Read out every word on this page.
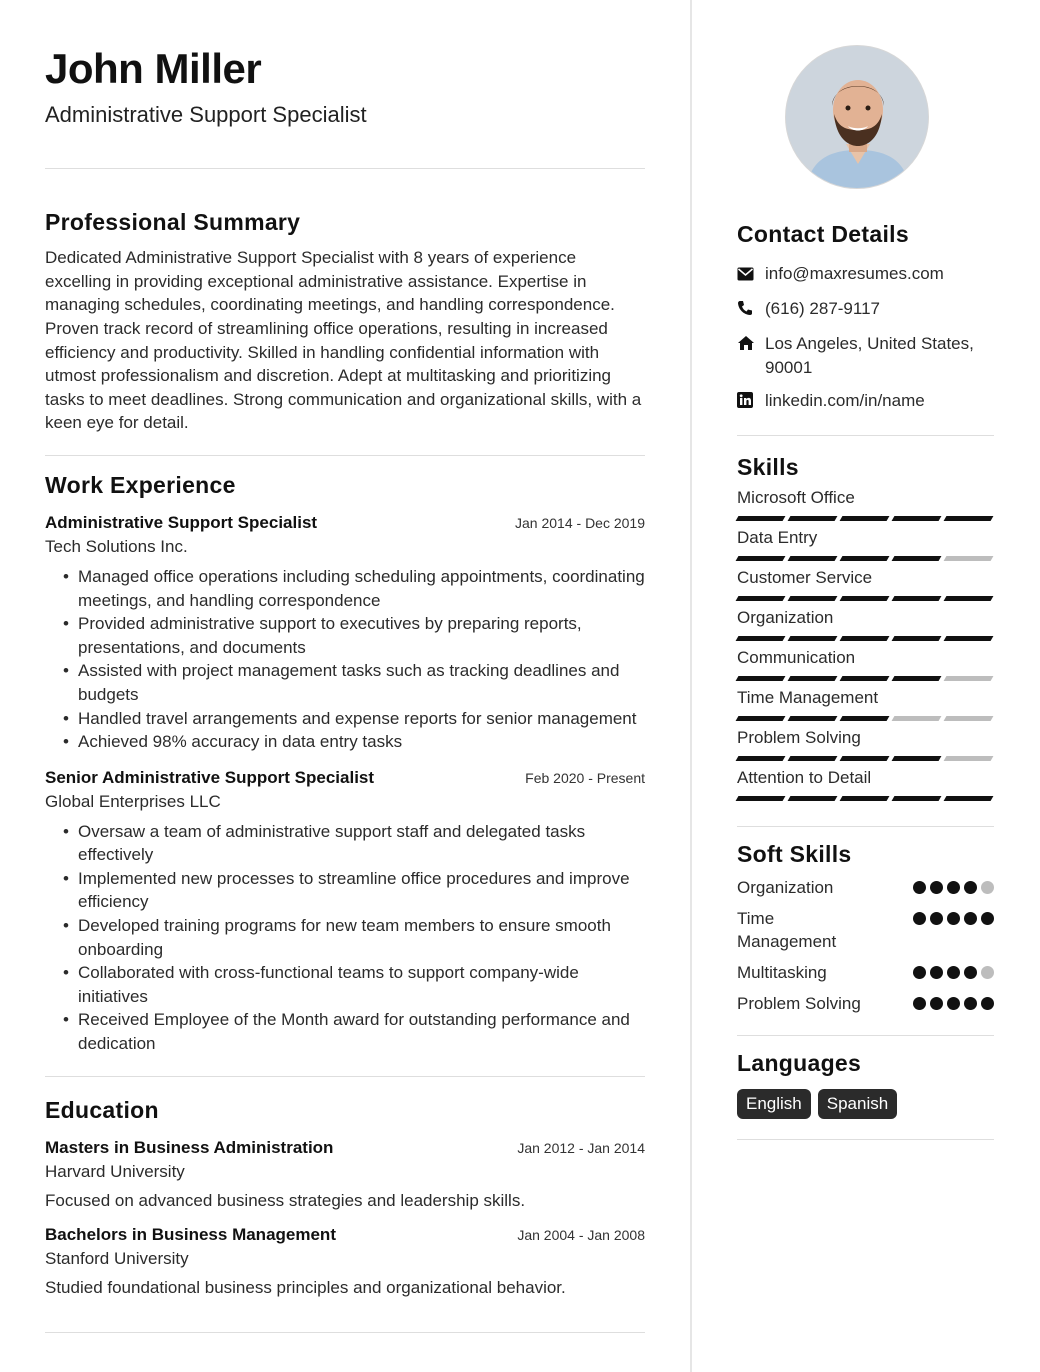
John Miller
Administrative Support Specialist
Professional Summary
Dedicated Administrative Support Specialist with 8 years of experience excelling in providing exceptional administrative assistance. Expertise in managing schedules, coordinating meetings, and handling correspondence. Proven track record of streamlining office operations, resulting in increased efficiency and productivity. Skilled in handling confidential information with utmost professionalism and discretion. Adept at multitasking and prioritizing tasks to meet deadlines. Strong communication and organizational skills, with a keen eye for detail.
Work Experience
Administrative Support Specialist	Jan 2014 - Dec 2019
Tech Solutions Inc.
• Managed office operations including scheduling appointments, coordinating meetings, and handling correspondence
• Provided administrative support to executives by preparing reports, presentations, and documents
• Assisted with project management tasks such as tracking deadlines and budgets
• Handled travel arrangements and expense reports for senior management
• Achieved 98% accuracy in data entry tasks
Senior Administrative Support Specialist	Feb 2020 - Present
Global Enterprises LLC
• Oversaw a team of administrative support staff and delegated tasks effectively
• Implemented new processes to streamline office procedures and improve efficiency
• Developed training programs for new team members to ensure smooth onboarding
• Collaborated with cross-functional teams to support company-wide initiatives
• Received Employee of the Month award for outstanding performance and dedication
Education
Masters in Business Administration	Jan 2012 - Jan 2014
Harvard University
Focused on advanced business strategies and leadership skills.
Bachelors in Business Management	Jan 2004 - Jan 2008
Stanford University
Studied foundational business principles and organizational behavior.
Contact Details
info@maxresumes.com
(616) 287-9117
Los Angeles, United States, 90001
linkedin.com/in/name
Skills
Microsoft Office
Data Entry
Customer Service
Organization
Communication
Time Management
Problem Solving
Attention to Detail
Soft Skills
Organization
Time Management
Multitasking
Problem Solving
Languages
English	Spanish
